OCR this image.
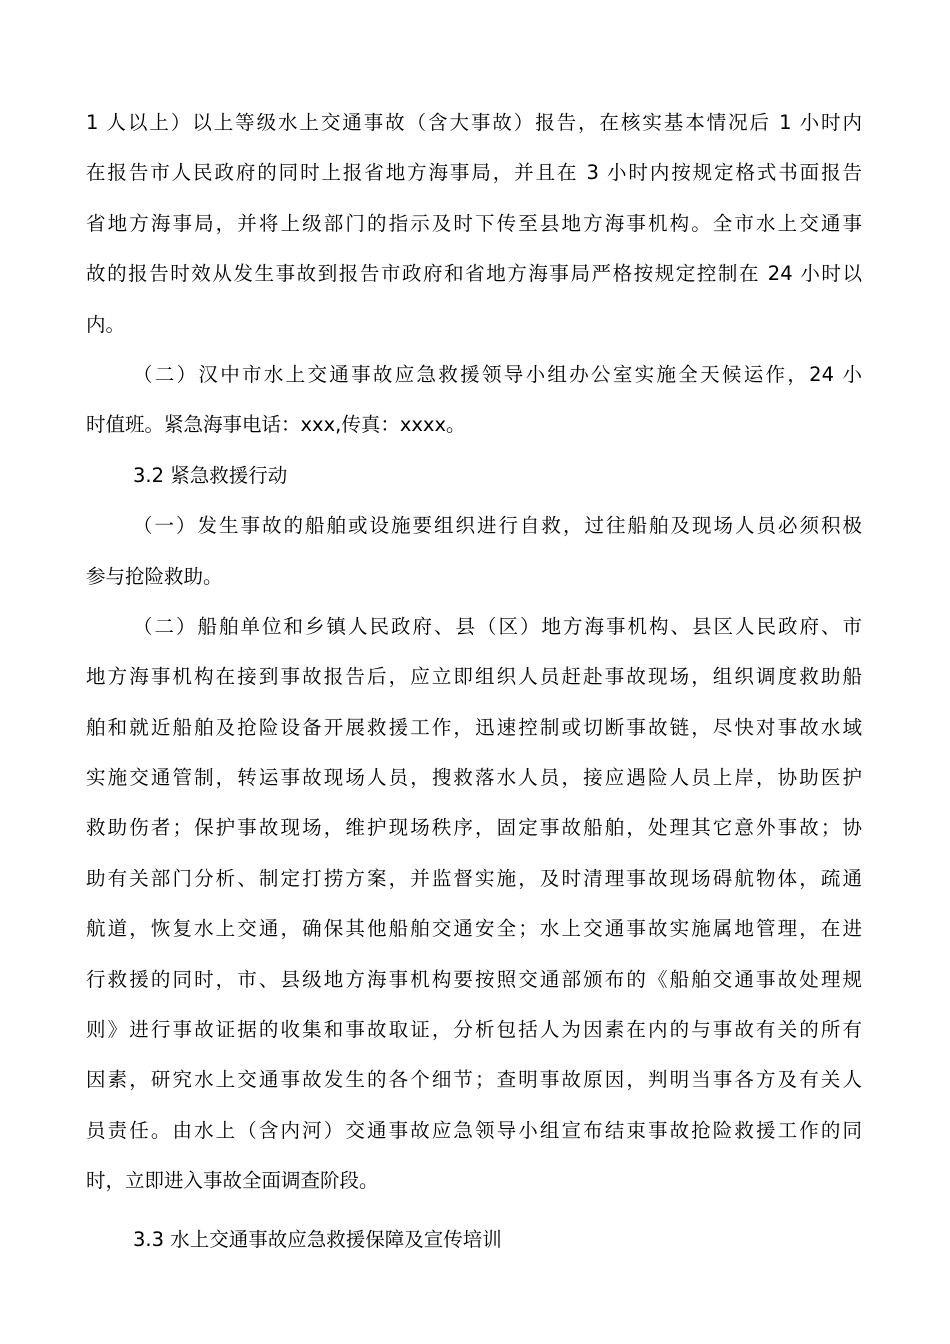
1 人以上）以上等级水上交通事故（含大事故）报告，在核实基本情况后 1 小时内
在报告市人民政府的同时上报省地方海事局，并且在 3 小时内按规定格式书面报告
省地方海事局，并将上级部门的指示及时下传至县地方海事机构。全市水上交通事
故的报告时效从发生事故到报告市政府和省地方海事局严格按规定控制在 24 小时以
内。
（二）汉中市水上交通事故应急救援领导小组办公室实施全天候运作，24 小
时值班。紧急海事电话：xxx,传真：xxxx。
3.2 紧急救援行动
（一）发生事故的船舶或设施要组织进行自救，过往船舶及现场人员必须积极
参与抢险救助。
（二）船舶单位和乡镇人民政府、县（区）地方海事机构、县区人民政府、市
地方海事机构在接到事故报告后，应立即组织人员赶赴事故现场，组织调度救助船
舶和就近船舶及抢险设备开展救援工作，迅速控制或切断事故链，尽快对事故水域
实施交通管制，转运事故现场人员，搜救落水人员，接应遇险人员上岸，协助医护
救助伤者；保护事故现场，维护现场秩序，固定事故船舶，处理其它意外事故；协
助有关部门分析、制定打捞方案，并监督实施，及时清理事故现场碍航物体，疏通
航道，恢复水上交通，确保其他船舶交通安全；水上交通事故实施属地管理，在进
行救援的同时，市、县级地方海事机构要按照交通部颁布的《船舶交通事故处理规
则》进行事故证据的收集和事故取证，分析包括人为因素在内的与事故有关的所有
因素，研究水上交通事故发生的各个细节；查明事故原因，判明当事各方及有关人
员责任。由水上（含内河）交通事故应急领导小组宣布结束事故抢险救援工作的同
时，立即进入事故全面调查阶段。
3.3 水上交通事故应急救援保障及宣传培训
